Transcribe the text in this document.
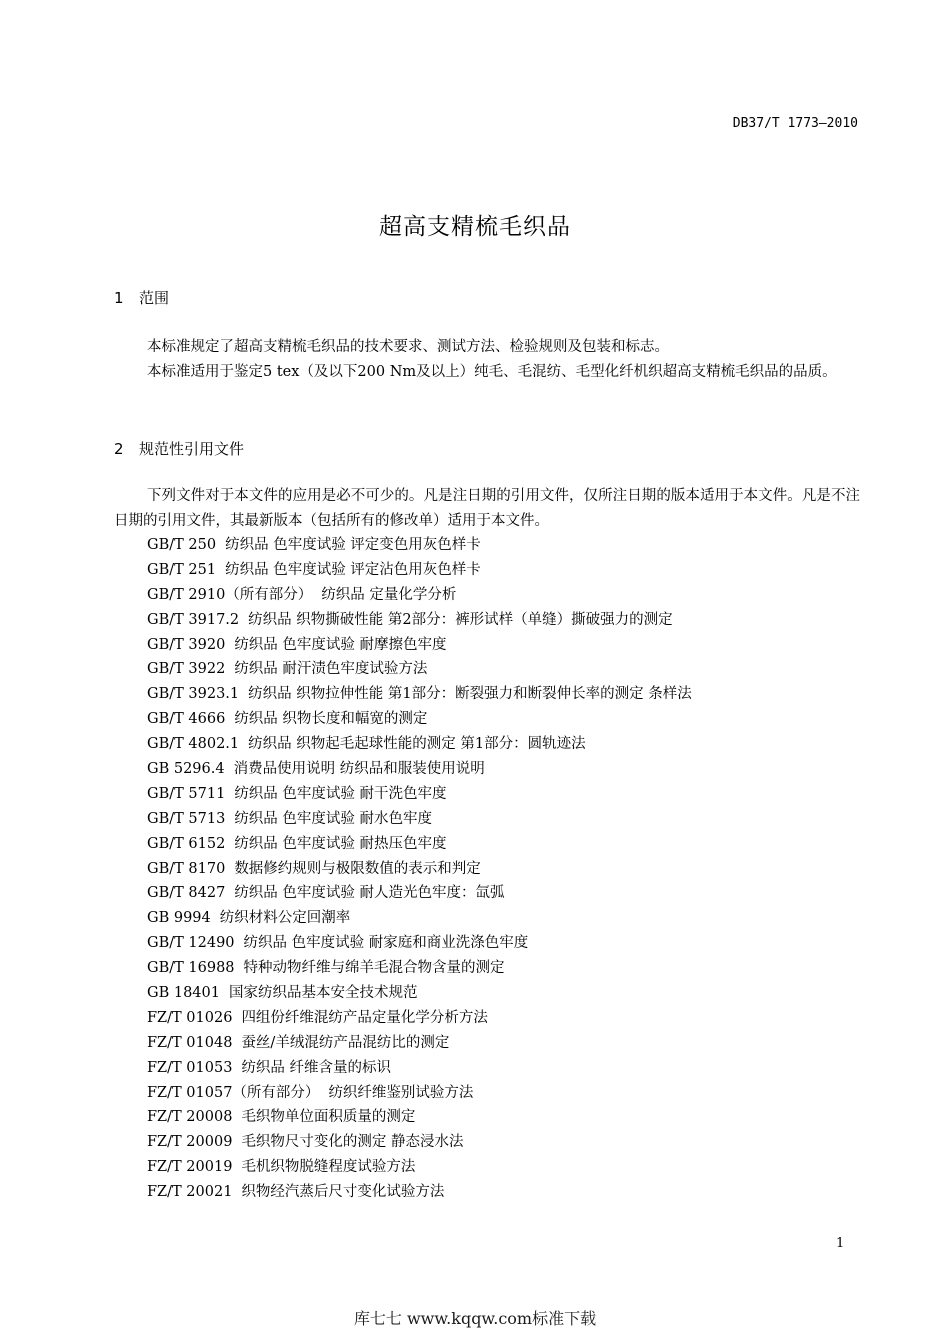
DB37/T 1773—2010
超高支精梳毛织品
1 范围

本标准规定了超高支精梳毛织品的技术要求、测试方法、检验规则及包装和标志。

本标准适用于鉴定5 tex（及以下200 Nm及以上）纯毛、毛混纺、毛型化纤机织超高支精梳毛织品的品质。

2 规范性引用文件

下列文件对于本文件的应用是必不可少的。凡是注日期的引用文件，仅所注日期的版本适用于本文件。凡是不注日期的引用文件，其最新版本（包括所有的修改单）适用于本文件。

GB/T 250 纺织品 色牢度试验 评定变色用灰色样卡
GB/T 251 纺织品 色牢度试验 评定沾色用灰色样卡
GB/T 2910（所有部分） 纺织品 定量化学分析
GB/T 3917.2 纺织品 织物撕破性能 第2部分：裤形试样（单缝）撕破强力的测定
GB/T 3920 纺织品 色牢度试验 耐摩擦色牢度
GB/T 3922 纺织品 耐汗渍色牢度试验方法
GB/T 3923.1 纺织品 织物拉伸性能 第1部分：断裂强力和断裂伸长率的测定 条样法
GB/T 4666 纺织品 织物长度和幅宽的测定
GB/T 4802.1 纺织品 织物起毛起球性能的测定 第1部分：圆轨迹法
GB 5296.4 消费品使用说明 纺织品和服装使用说明
GB/T 5711 纺织品 色牢度试验 耐干洗色牢度
GB/T 5713 纺织品 色牢度试验 耐水色牢度
GB/T 6152 纺织品 色牢度试验 耐热压色牢度
GB/T 8170 数据修约规则与极限数值的表示和判定
GB/T 8427 纺织品 色牢度试验 耐人造光色牢度：氙弧
GB 9994 纺织材料公定回潮率
GB/T 12490 纺织品 色牢度试验 耐家庭和商业洗涤色牢度
GB/T 16988 特种动物纤维与绵羊毛混合物含量的测定
GB 18401 国家纺织品基本安全技术规范
FZ/T 01026 四组份纤维混纺产品定量化学分析方法
FZ/T 01048 蚕丝/羊绒混纺产品混纺比的测定
FZ/T 01053 纺织品 纤维含量的标识
FZ/T 01057（所有部分） 纺织纤维鉴别试验方法
FZ/T 20008 毛织物单位面积质量的测定
FZ/T 20009 毛织物尺寸变化的测定 静态浸水法
FZ/T 20019 毛机织物脱缝程度试验方法
FZ/T 20021 织物经汽蒸后尺寸变化试验方法
1
库七七 www.kqqw.com标准下载
